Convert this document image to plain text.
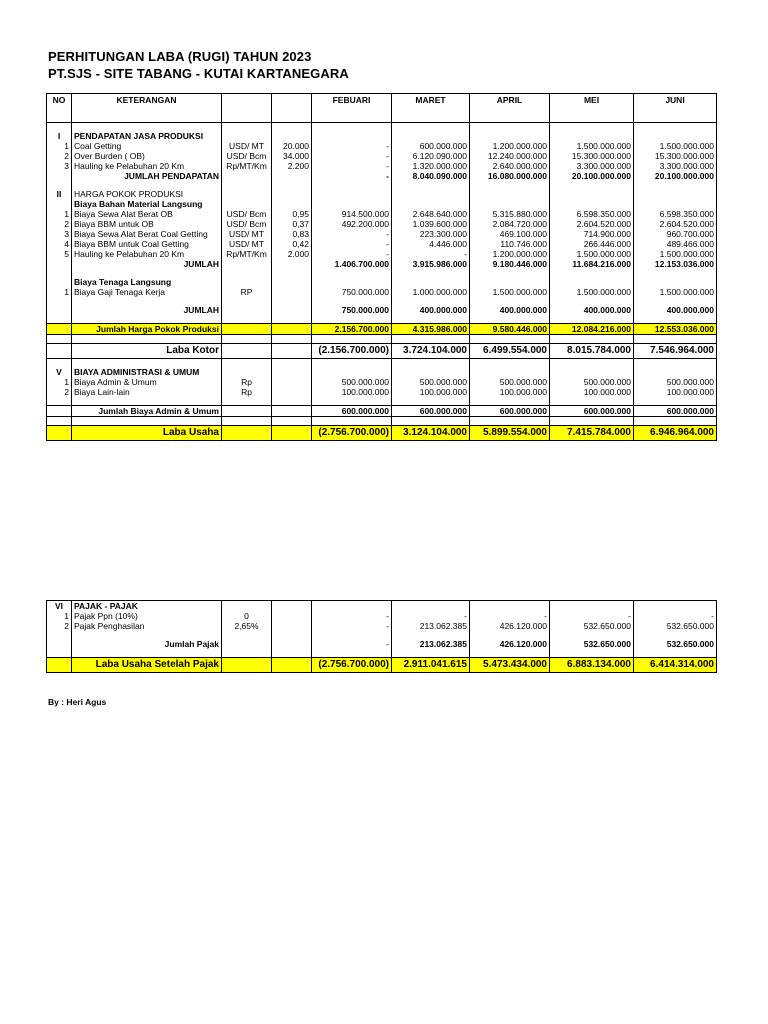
PERHITUNGAN LABA (RUGI) TAHUN 2023
PT.SJS - SITE TABANG - KUTAI KARTANEGARA
NO	KETERANGAN			FEBUARI	MARET	APRIL	MEI	JUNI

I	PENDAPATAN JASA PRODUKSI							
1	Coal Getting	USD/ MT	20.000	-	600.000.000	1.200.000.000	1.500.000.000	1.500.000.000
2	Over Burden ( OB)	USD/ Bcm	34.000	-	6.120.090.000	12.240.000.000	15.300.000.000	15.300.000.000
3	Hauling ke Pelabuhan 20 Km	Rp/MT/Km	2.200	-	1.320.000.000	2.640.000.000	3.300.000.000	3.300.000.000
	JUMLAH PENDAPATAN			-	8.040.090.000	16.080.000.000	20.100.000.000	20.100.000.000

II	HARGA POKOK PRODUKSI							
	Biaya Bahan Material Langsung							
1	Biaya Sewa Alat Berat OB	USD/ Bcm	0,95	914.500.000	2.648.640.000	5.315.880.000	6.598.350.000	6.598.350.000
2	Biaya BBM untuk OB	USD/ Bcm	0,37	492.200.000	1.039.600.000	2.084.720.000	2.604.520.000	2.604.520.000
3	Biaya Sewa Alat Berat Coal Getting	USD/ MT	0,83	-	223.300.000	469.100.000	714.900.000	960.700.000
4	Biaya BBM untuk Coal Getting	USD/ MT	0,42	-	4.446.000	110.746.000	266.446.000	489.466.000
5	Hauling ke Pelabuhan 20 Km	Rp/MT/Km	2.000	-	-	1.200.000.000	1.500.000.000	1.500.000.000
	JUMLAH			1.406.700.000	3.915.986.000	9.180.446.000	11.684.216.000	12.153.036.000

	Biaya Tenaga Langsung							
1	Biaya Gaji Tenaga Kerja	RP		750.000.000	1.000.000.000	1.500.000.000	1.500.000.000	1.500.000.000

	JUMLAH			750.000.000	400.000.000	400.000.000	400.000.000	400.000.000

	Jumlah Harga Pokok Produksi			2.156.700.000	4.315.986.000	9.580.446.000	12.084.216.000	12.553.036.000

	Laba Kotor			(2.156.700.000)	3.724.104.000	6.499.554.000	8.015.784.000	7.546.964.000

V	BIAYA ADMINISTRASI & UMUM							
1	Biaya Admin & Umum	Rp		500.000.000	500.000.000	500.000.000	500.000.000	500.000.000
2	Biaya Lain-lain	Rp		100.000.000	100.000.000	100.000.000	100.000.000	100.000.000

	Jumlah Biaya Admin & Umum			600.000.000	600.000.000	600.000.000	600.000.000	600.000.000

	Laba Usaha			(2.756.700.000)	3.124.104.000	5.899.554.000	7.415.784.000	6.946.964.000
VI	PAJAK - PAJAK							
1	Pajak Ppn (10%)	0		-	-	-	-	-
2	Pajak Penghasilan	2,65%		-	213.062.385	426.120.000	532.650.000	532.650.000

	Jumlah Pajak			-	213.062.385	426.120.000	532.650.000	532.650.000

	Laba Usaha Setelah Pajak			(2.756.700.000)	2.911.041.615	5.473.434.000	6.883.134.000	6.414.314.000
By : Heri Agus
